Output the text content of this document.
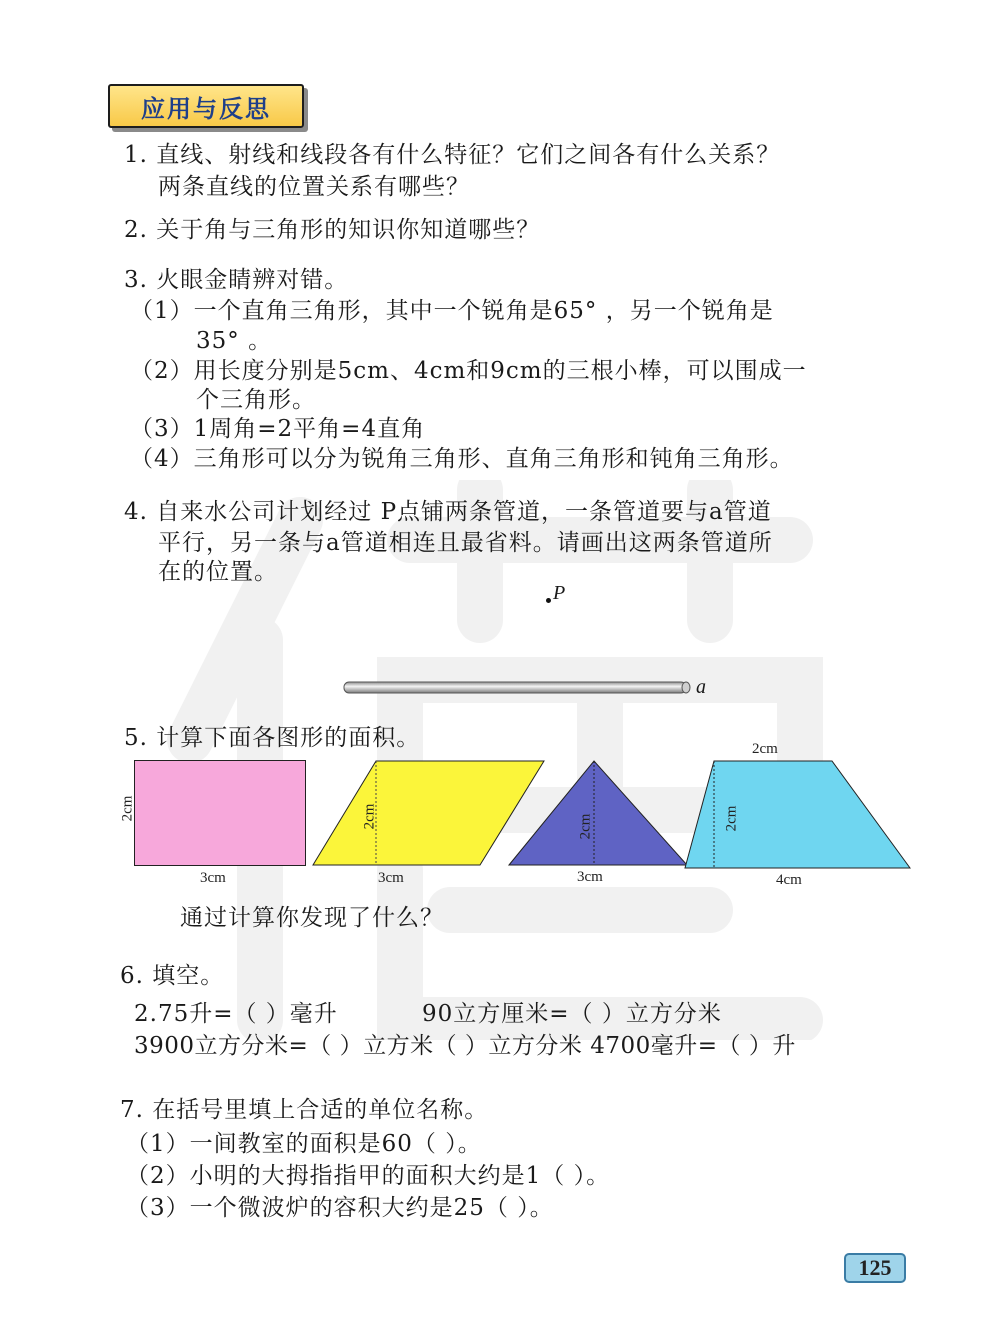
应用与反思
1. 直线、射线和线段各有什么特征？它们之间各有什么关系？
两条直线的位置关系有哪些？
2. 关于角与三角形的知识你知道哪些？
3. 火眼金睛辨对错。
（1）一个直角三角形，其中一个锐角是65° ，另一个锐角是
35° 。
（2）用长度分别是5cm、4cm和9cm的三根小棒，可以围成一
个三角形。
（3）1周角=2平角=4直角
（4）三角形可以分为锐角三角形、直角三角形和钝角三角形。
4. 自来水公司计划经过 P点铺两条管道，一条管道要与a管道
平行，另一条与a管道相连且最省料。请画出这两条管道所
在的位置。
P
a
5. 计算下面各图形的面积。
2cm
3cm
2cm
3cm
2cm
3cm
2cm
2cm
4cm
通过计算你发现了什么？
6. 填空。
2.75升=（ ）毫升	90立方厘米=（ ）立方分米
3900立方分米=（ ）立方米（ ）立方分米 4700毫升=（ ）升
7. 在括号里填上合适的单位名称。
（1）一间教室的面积是60（ ）。
（2）小明的大拇指指甲的面积大约是1（ ）。
（3）一个微波炉的容积大约是25（ ）。
125
